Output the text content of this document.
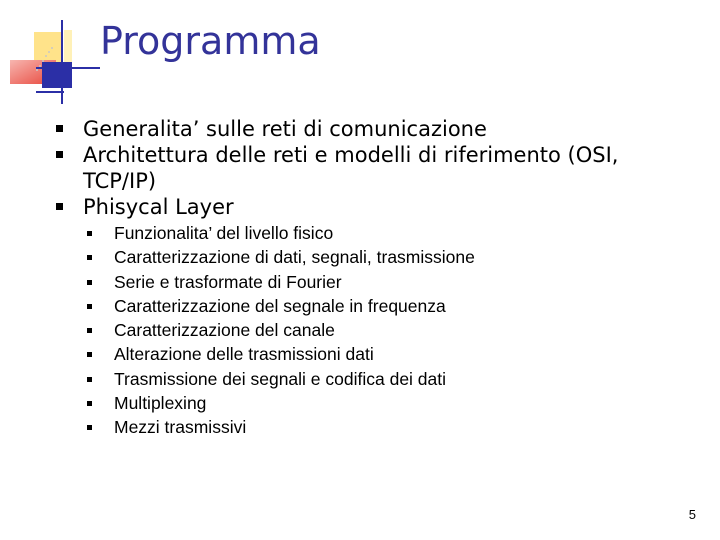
Programma
Generalita’ sulle reti di comunicazione
Architettura delle reti e modelli di riferimento (OSI, TCP/IP)
Phisycal Layer
Funzionalita’ del livello fisico
Caratterizzazione di dati, segnali, trasmissione
Serie e trasformate di Fourier
Caratterizzazione del segnale in frequenza
Caratterizzazione del canale
Alterazione delle trasmissioni dati
Trasmissione dei segnali e codifica dei dati
Multiplexing
Mezzi trasmissivi
5
